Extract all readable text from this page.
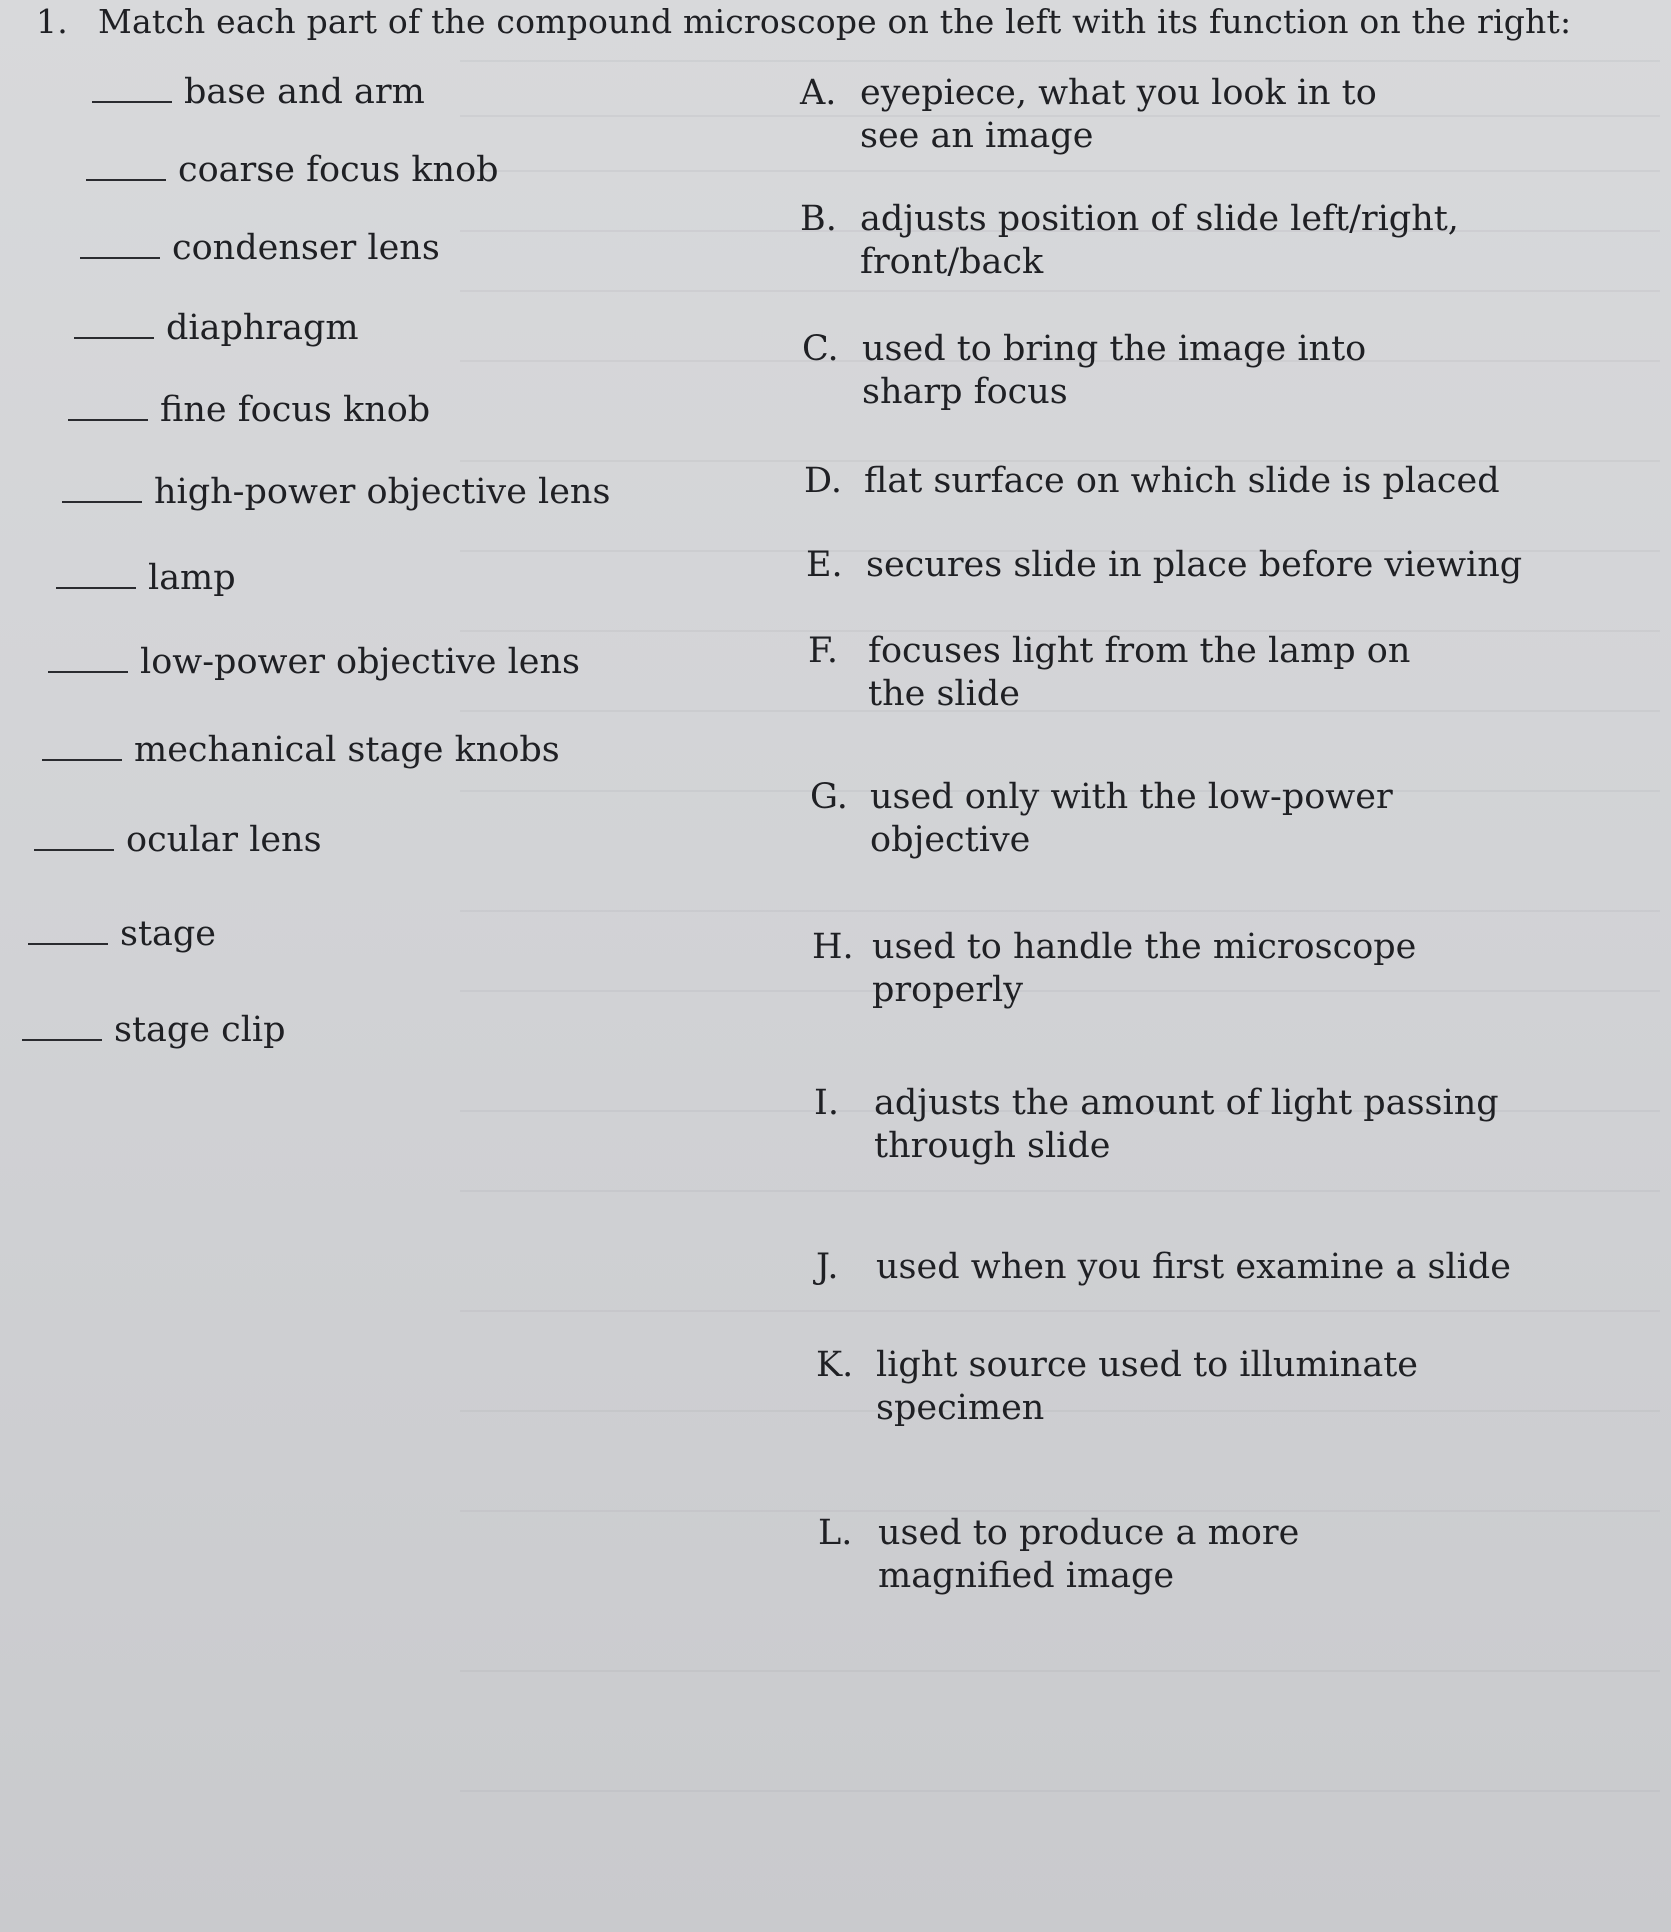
1. Match each part of the compound microscope on the left with its function on the right:
base and arm
coarse focus knob
condenser lens
diaphragm
fine focus knob
high-power objective lens
lamp
low-power objective lens
mechanical stage knobs
ocular lens
stage
stage clip
A. eyepiece, what you look in to see an image
B. adjusts position of slide left/right, front/back
C. used to bring the image into sharp focus
D. flat surface on which slide is placed
E. secures slide in place before viewing
F. focuses light from the lamp on the slide
G. used only with the low-power objective
H. used to handle the microscope properly
I. adjusts the amount of light passing through slide
J. used when you first examine a slide
K. light source used to illuminate specimen
L. used to produce a more magnified image
